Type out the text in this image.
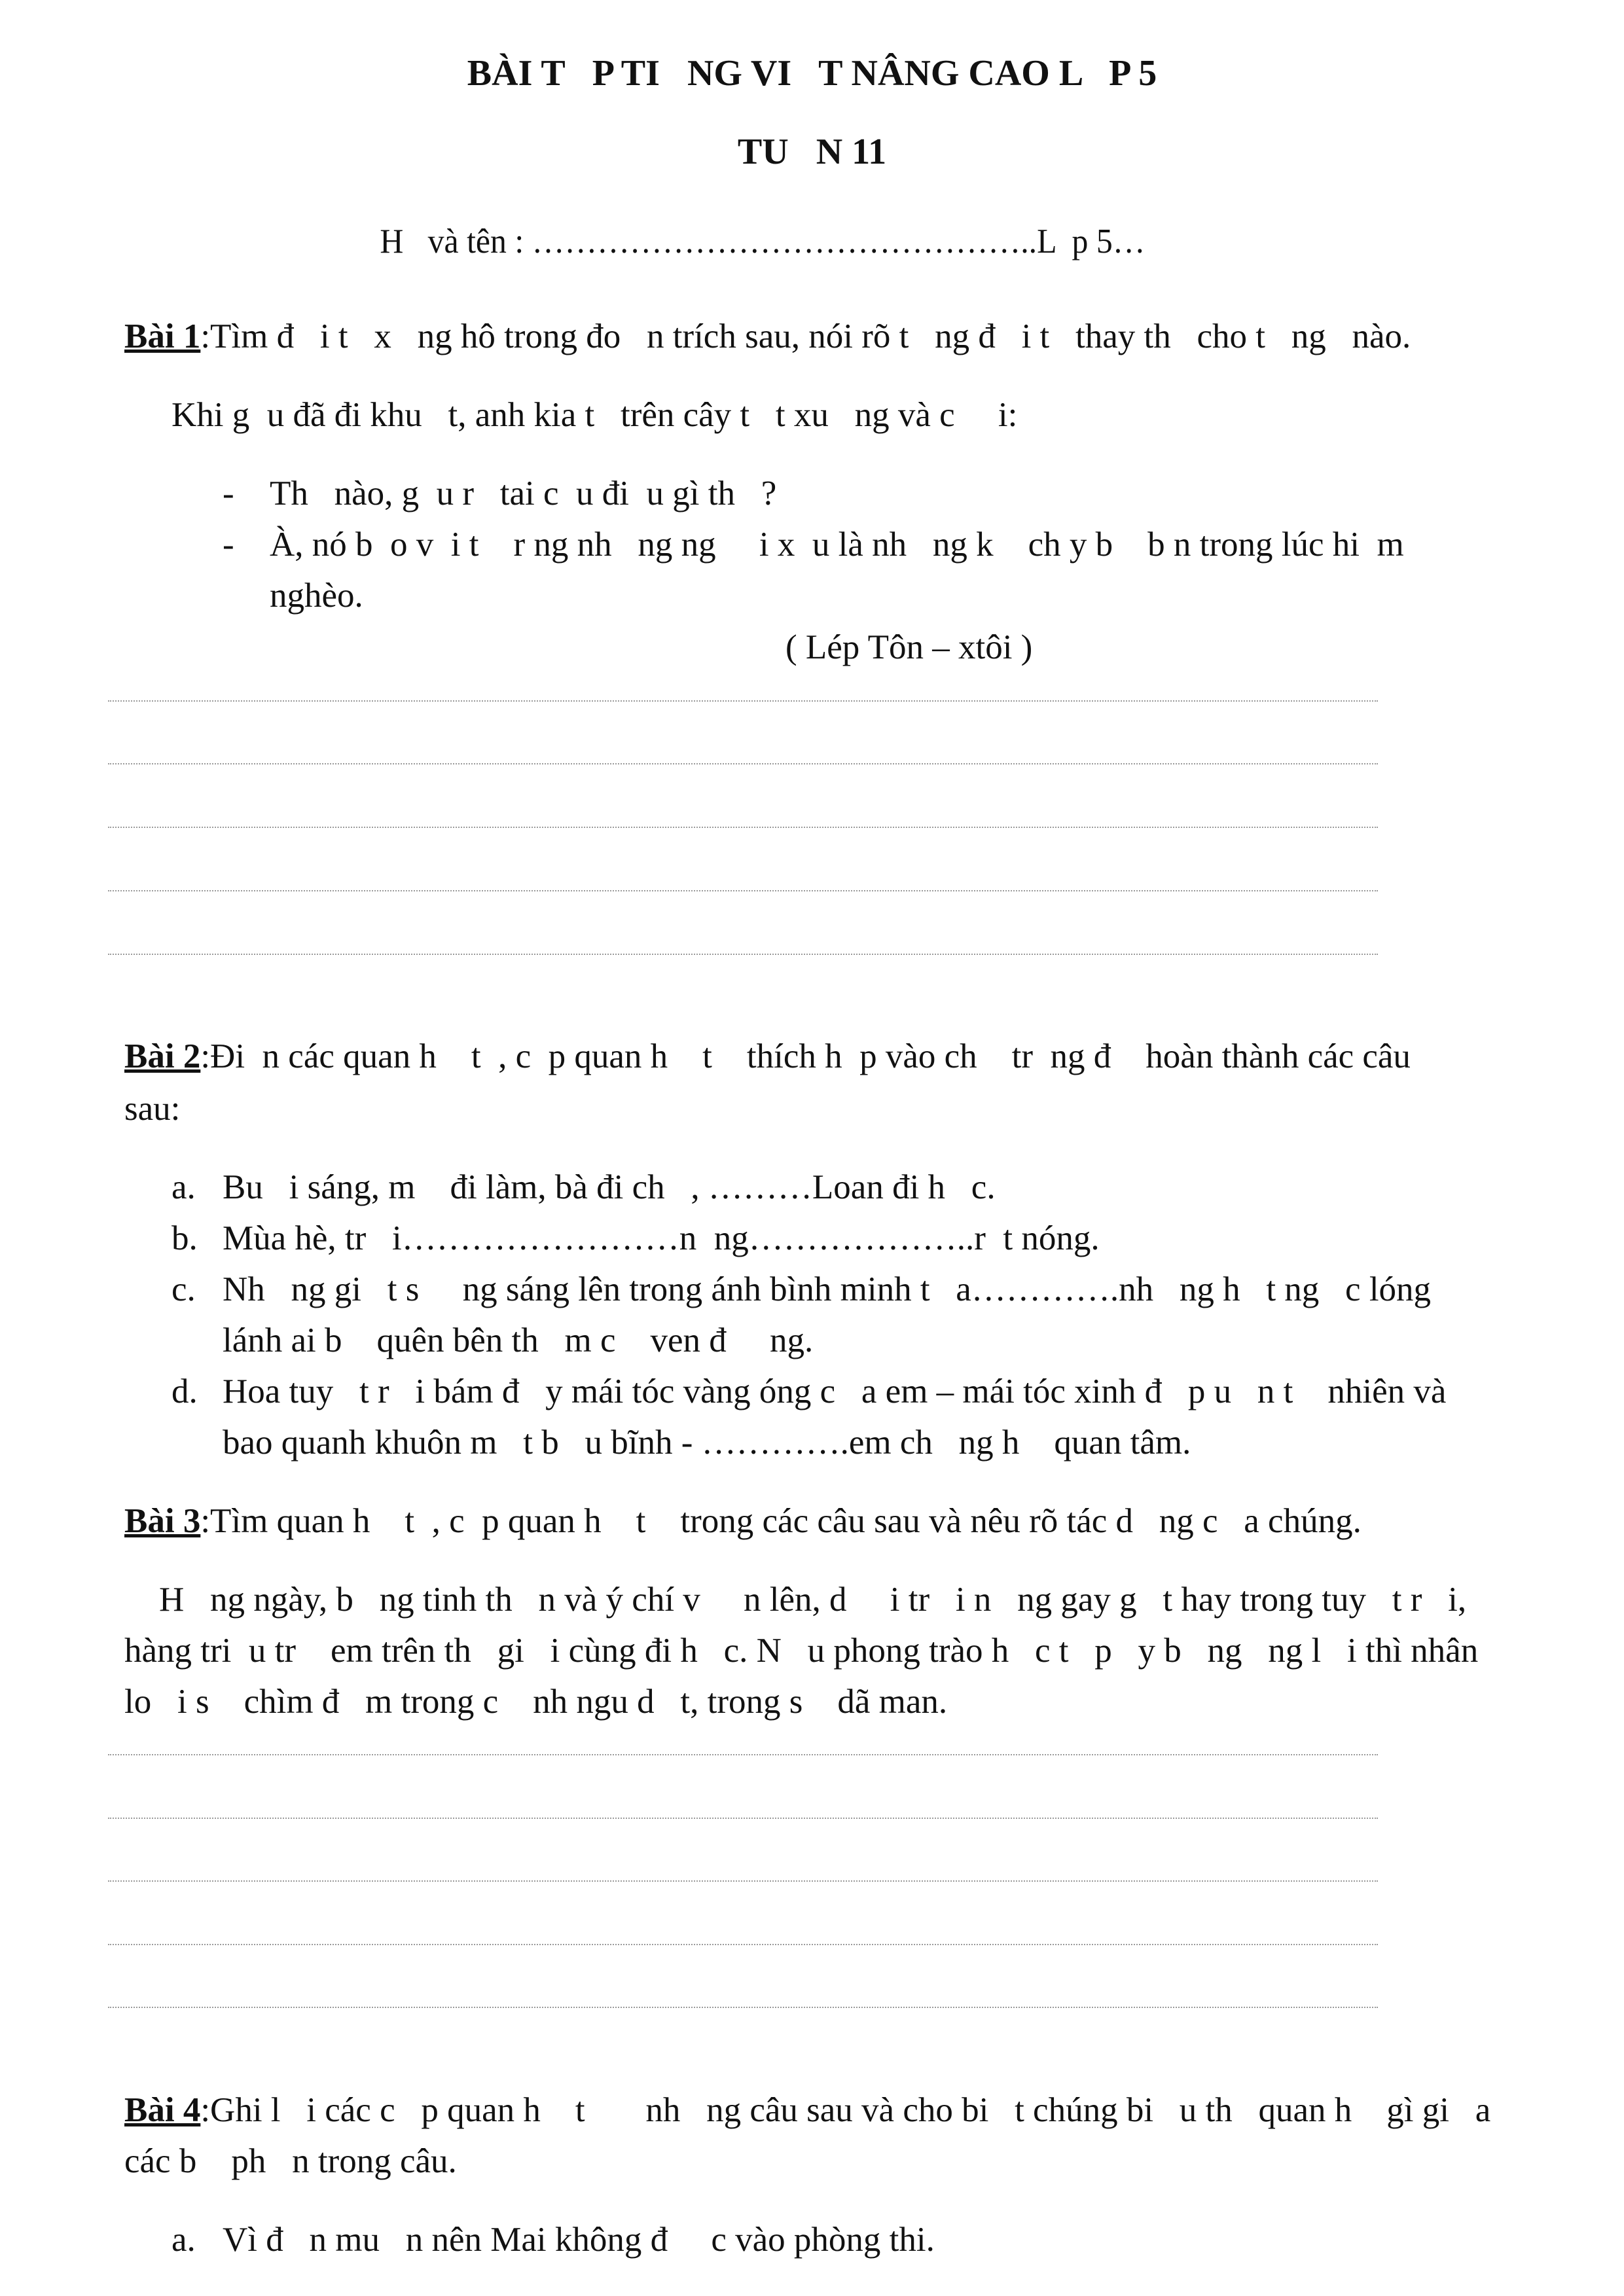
BÀI T   P TI   NG VI   T NÂNG CAO L   P 5
TU   N 11
H   và tên : ………………………………………..L  p 5…
Bài 1:Tìm đ   i t   x   ng hô trong đo   n trích sau, nói rõ t   ng đ   i t   thay th   cho t   ng   nào.
Khi g  u đã đi khu   t, anh kia t   trên cây t   t xu   ng và c     i:
- Th   nào, g  u r   tai c  u đi  u gì th   ?
- À, nó b  o v  i t    r ng nh   ng ng     i x  u là nh   ng k    ch y b    b n trong lúc hi  m
nghèo.
( Lép Tôn – xtôi )
Bài 2:Đi  n các quan h    t  , c  p quan h    t    thích h  p vào ch    tr  ng đ    hoàn thành các câu
sau:
a. Bu   i sáng, m    đi làm, bà đi ch   , ………Loan đi h   c.
b. Mùa hè, tr   i……………………n  ng………………..r  t nóng.
c. Nh   ng gi   t s     ng sáng lên trong ánh bình minh t   a………….nh   ng h   t ng   c lóng
lánh ai b    quên bên th   m c    ven đ     ng.
d. Hoa tuy   t r   i bám đ   y mái tóc vàng óng c   a em – mái tóc xinh đ   p u   n t    nhiên và
bao quanh khuôn m   t b   u bĩnh - ………….em ch   ng h    quan tâm.
Bài 3:Tìm quan h    t  , c  p quan h    t    trong các câu sau và nêu rõ tác d   ng c   a chúng.
H   ng ngày, b   ng tinh th   n và ý chí v     n lên, d     i tr   i n   ng gay g   t hay trong tuy   t r   i,
hàng tri  u tr    em trên th   gi   i cùng đi h   c. N   u phong trào h   c t   p   y b   ng   ng l   i thì nhân
lo   i s    chìm đ   m trong c    nh ngu d   t, trong s    dã man.
Bài 4:Ghi l   i các c   p quan h    t       nh   ng câu sau và cho bi   t chúng bi   u th   quan h    gì gi   a
các b    ph   n trong câu.
a. Vì đ   n mu   n nên Mai không đ     c vào phòng thi.
